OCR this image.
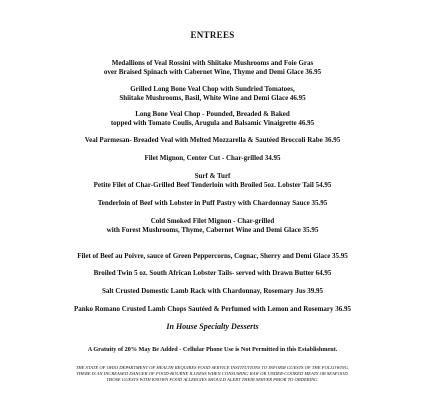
ENTREES
Medallions of Veal Rossini with Shiitake Mushrooms and Foie Gras
over Braised Spinach with Cabernet Wine, Thyme and Demi Glace 36.95
Grilled Long Bone Veal Chop with Sundried Tomatoes,
Shiitake Mushrooms, Basil, White Wine and Demi Glace 46.95
Long Bone Veal Chop - Pounded, Breaded & Baked
topped with Tomato Coulis, Arugula and Balsamic Vinaigrette 46.95
Veal Parmesan- Breaded Veal with Melted Mozzarella & Sautéed Broccoli Rabe 36.95
Filet Mignon, Center Cut - Char-grilled 34.95
Surf & Turf
Petite Filet of Char-Grilled Beef Tenderloin with Broiled 5oz. Lobster Tail 54.95
Tenderloin of Beef with Lobster in Puff Pastry with Chardonnay Sauce 35.95
Cold Smoked Filet Mignon - Char-grilled
with Forest Mushrooms, Thyme, Cabernet Wine and Demi Glace 35.95
Filet of Beef au Poivre, sauce of Green Peppercorns, Cognac, Sherry and Demi Glace 35.95
Broiled Twin 5 oz. South African Lobster Tails- served with Drawn Butter 64.95
Salt Crusted Domestic Lamb Rack with Chardonnay, Rosemary Jus 39.95
Panko Romano Crusted Lamb Chops Sautéed & Perfumed with Lemon and Rosemary 36.95
In House Specialty Desserts
A Gratuity of 20% May Be Added - Cellular Phone Use is Not Permitted in this Establishment.
THE STATE OF OHIO DEPARTMENT OF HEALTH REQUIRES FOOD SERVICE INSTITUTIONS TO INFORM GUESTS OF THE FOLLOWING.
THERE IS AN INCREASED DANGER OF FOOD-BOURNE ILLNESS WHEN CONSUMING RAW OR UNDER-COOKED MEATS OR SEAFOOD.
THOSE GUESTS WITH KNOWN FOOD ALLERGIES SHOULD ALERT THEIR SERVER PRIOR TO ORDERING.
